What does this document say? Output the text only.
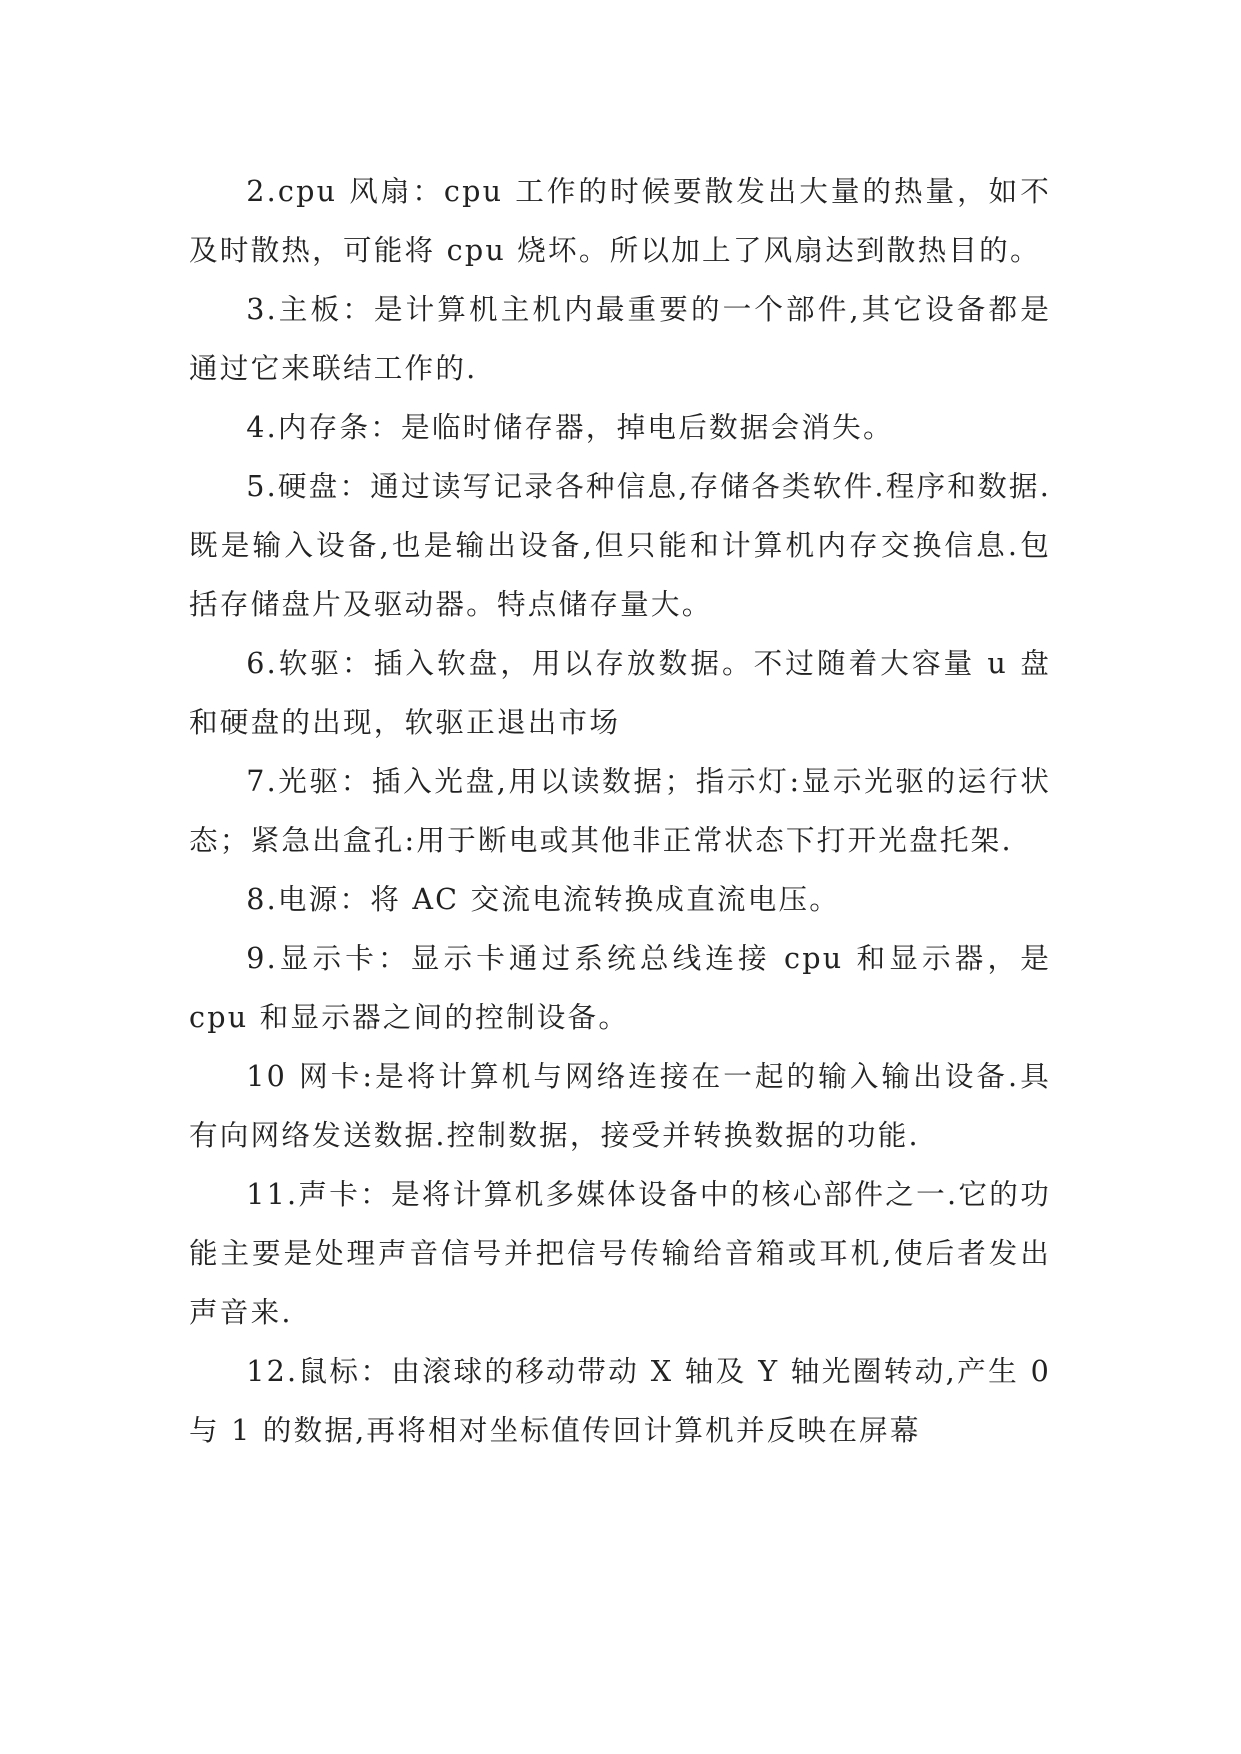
2.cpu 风扇：cpu 工作的时候要散发出大量的热量，如不及时散热，可能将 cpu 烧坏。所以加上了风扇达到散热目的。

3.主板：是计算机主机内最重要的一个部件,其它设备都是通过它来联结工作的.

4.内存条：是临时储存器，掉电后数据会消失。

5.硬盘：通过读写记录各种信息,存储各类软件.程序和数据.既是输入设备,也是输出设备,但只能和计算机内存交换信息.包括存储盘片及驱动器。特点储存量大。

6.软驱：插入软盘，用以存放数据。不过随着大容量 u 盘和硬盘的出现，软驱正退出市场

7.光驱：插入光盘,用以读数据；指示灯:显示光驱的运行状态；紧急出盒孔:用于断电或其他非正常状态下打开光盘托架.

8.电源：将 AC 交流电流转换成直流电压。

9.显示卡：显示卡通过系统总线连接 cpu 和显示器，是 cpu 和显示器之间的控制设备。

10 网卡:是将计算机与网络连接在一起的输入输出设备.具有向网络发送数据.控制数据，接受并转换数据的功能.

11.声卡：是将计算机多媒体设备中的核心部件之一.它的功能主要是处理声音信号并把信号传输给音箱或耳机,使后者发出声音来.

12.鼠标：由滚球的移动带动 X 轴及 Y 轴光圈转动,产生 0 与 1 的数据,再将相对坐标值传回计算机并反映在屏幕
